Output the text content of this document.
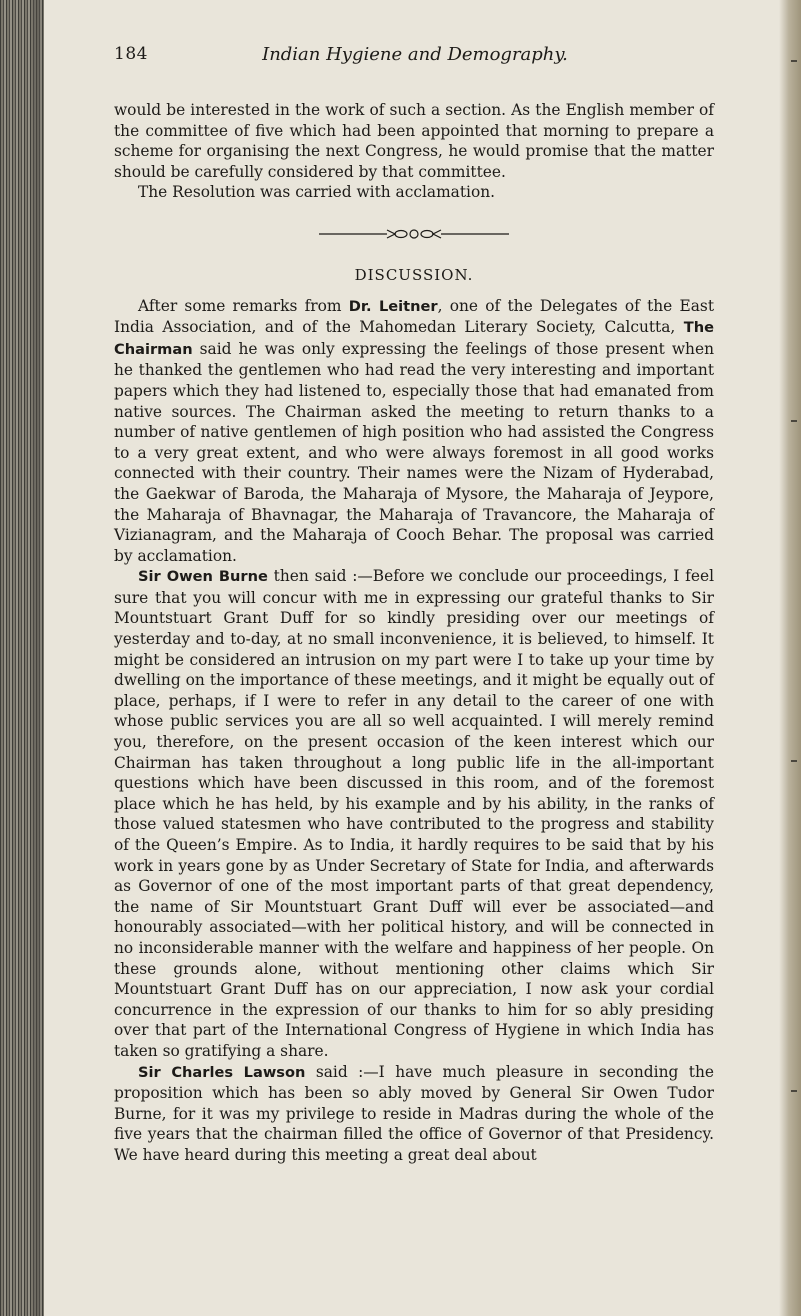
184	Indian Hygiene and Demography.

would be interested in the work of such a section. As the English member of the committee of five which had been appointed that morning to prepare a scheme for organising the next Congress, he would promise that the matter should be carefully considered by that committee.

The Resolution was carried with acclamation.

DISCUSSION.

After some remarks from Dr. Leitner, one of the Delegates of the East India Association, and of the Mahomedan Literary Society, Calcutta, The Chairman said he was only expressing the feelings of those present when he thanked the gentlemen who had read the very interesting and important papers which they had listened to, especially those that had emanated from native sources. The Chairman asked the meeting to return thanks to a number of native gentlemen of high position who had assisted the Congress to a very great extent, and who were always foremost in all good works connected with their country. Their names were the Nizam of Hyderabad, the Gaekwar of Baroda, the Maharaja of Mysore, the Maharaja of Jeypore, the Maharaja of Bhavnagar, the Maharaja of Travancore, the Maharaja of Vizianagram, and the Maharaja of Cooch Behar. The proposal was carried by acclamation.

Sir Owen Burne then said :—Before we conclude our proceedings, I feel sure that you will concur with me in expressing our grateful thanks to Sir Mountstuart Grant Duff for so kindly presiding over our meetings of yesterday and to-day, at no small inconvenience, it is believed, to himself. It might be considered an intrusion on my part were I to take up your time by dwelling on the importance of these meetings, and it might be equally out of place, perhaps, if I were to refer in any detail to the career of one with whose public services you are all so well acquainted. I will merely remind you, therefore, on the present occasion of the keen interest which our Chairman has taken throughout a long public life in the all-important questions which have been discussed in this room, and of the foremost place which he has held, by his example and by his ability, in the ranks of those valued statesmen who have contributed to the progress and stability of the Queen’s Empire. As to India, it hardly requires to be said that by his work in years gone by as Under Secretary of State for India, and afterwards as Governor of one of the most important parts of that great dependency, the name of Sir Mountstuart Grant Duff will ever be associated—and honourably associated—with her political history, and will be connected in no inconsiderable manner with the welfare and happiness of her people. On these grounds alone, without mentioning other claims which Sir Mountstuart Grant Duff has on our appreciation, I now ask your cordial concurrence in the expression of our thanks to him for so ably presiding over that part of the International Congress of Hygiene in which India has taken so gratifying a share.

Sir Charles Lawson said :—I have much pleasure in seconding the proposition which has been so ably moved by General Sir Owen Tudor Burne, for it was my privilege to reside in Madras during the whole of the five years that the chairman filled the office of Governor of that Presidency. We have heard during this meeting a great deal about
